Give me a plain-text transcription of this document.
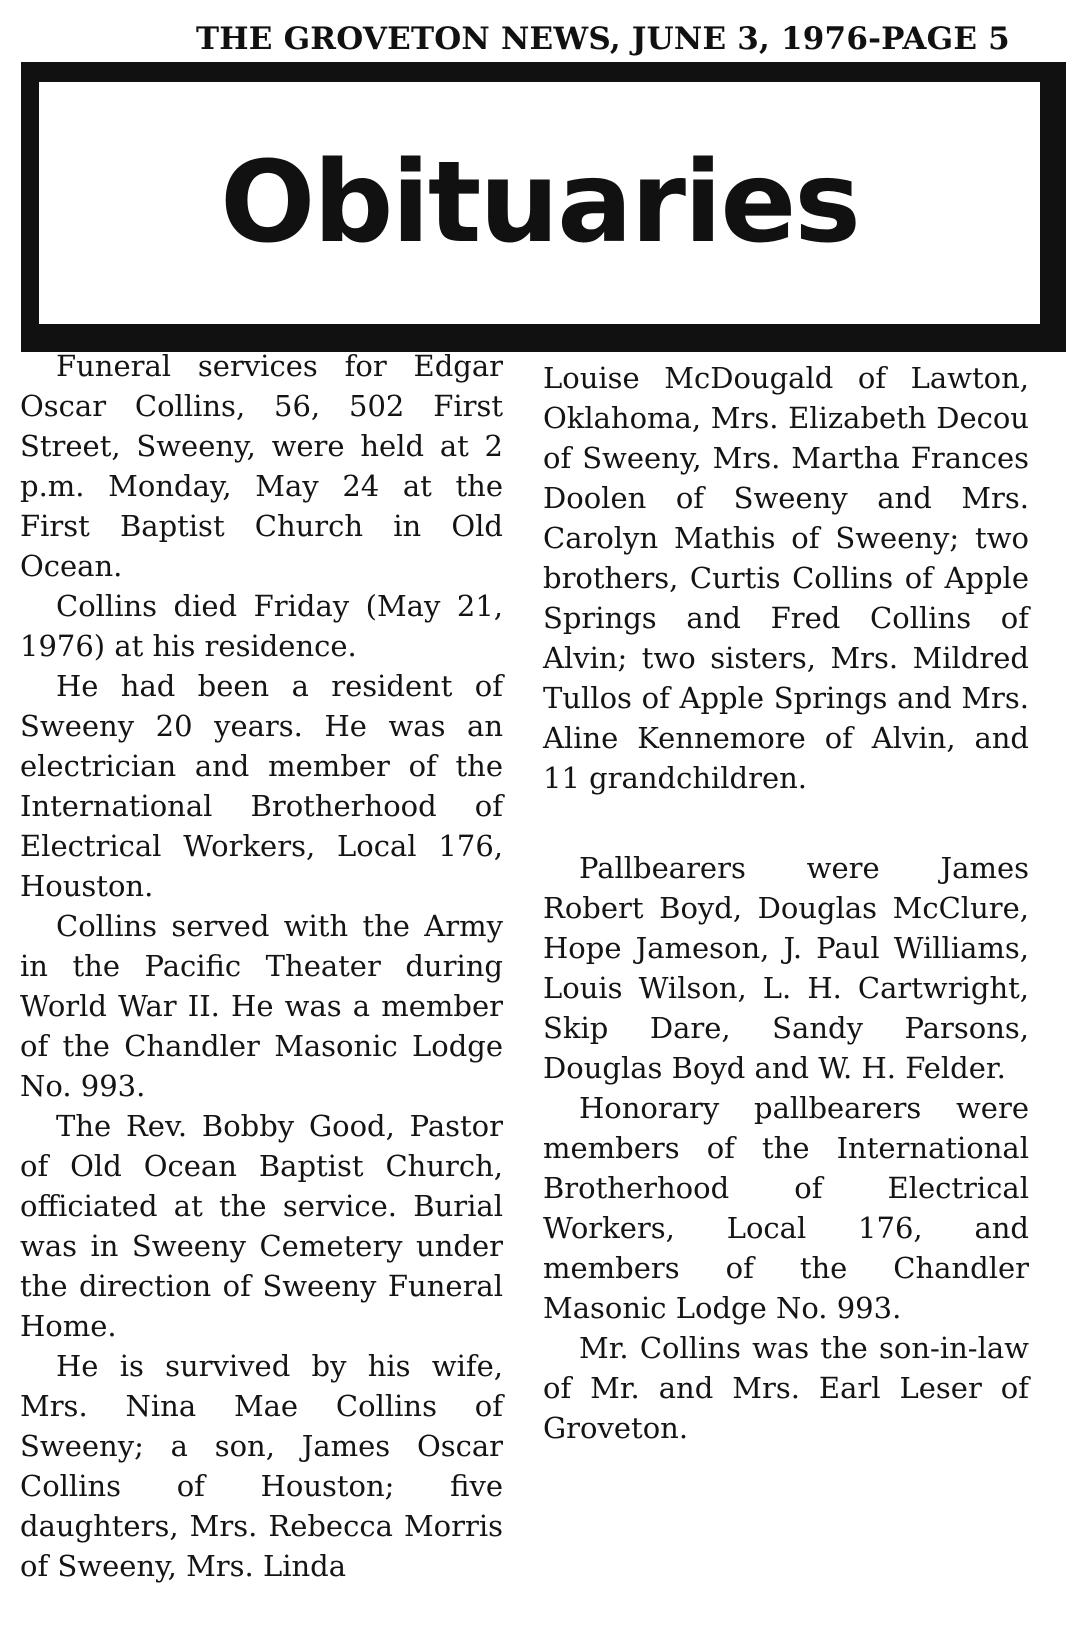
THE GROVETON NEWS, JUNE 3, 1976-PAGE 5
Obituaries

Funeral services for Edgar Oscar Collins, 56, 502 First Street, Sweeny, were held at 2 p.m. Monday, May 24 at the First Baptist Church in Old Ocean.

Collins died Friday (May 21, 1976) at his residence.

He had been a resident of Sweeny 20 years. He was an electrician and member of the International Brotherhood of Electrical Workers, Local 176, Houston.

Collins served with the Army in the Pacific Theater during World War II. He was a member of the Chandler Masonic Lodge No. 993.

The Rev. Bobby Good, Pastor of Old Ocean Baptist Church, officiated at the service. Burial was in Sweeny Cemetery under the direction of Sweeny Funeral Home.

He is survived by his wife, Mrs. Nina Mae Collins of Sweeny; a son, James Oscar Collins of Houston; five daughters, Mrs. Rebecca Morris of Sweeny, Mrs. Linda

Louise McDougald of Lawton, Oklahoma, Mrs. Elizabeth Decou of Sweeny, Mrs. Martha Frances Doolen of Sweeny and Mrs. Carolyn Mathis of Sweeny; two brothers, Curtis Collins of Apple Springs and Fred Collins of Alvin; two sisters, Mrs. Mildred Tullos of Apple Springs and Mrs. Aline Kennemore of Alvin, and 11 grandchildren.

Pallbearers were James Robert Boyd, Douglas McClure, Hope Jameson, J. Paul Williams, Louis Wilson, L. H. Cartwright, Skip Dare, Sandy Parsons, Douglas Boyd and W. H. Felder.

Honorary pallbearers were members of the International Brotherhood of Electrical Workers, Local 176, and members of the Chandler Masonic Lodge No. 993.

Mr. Collins was the son-in-law of Mr. and Mrs. Earl Leser of Groveton.
